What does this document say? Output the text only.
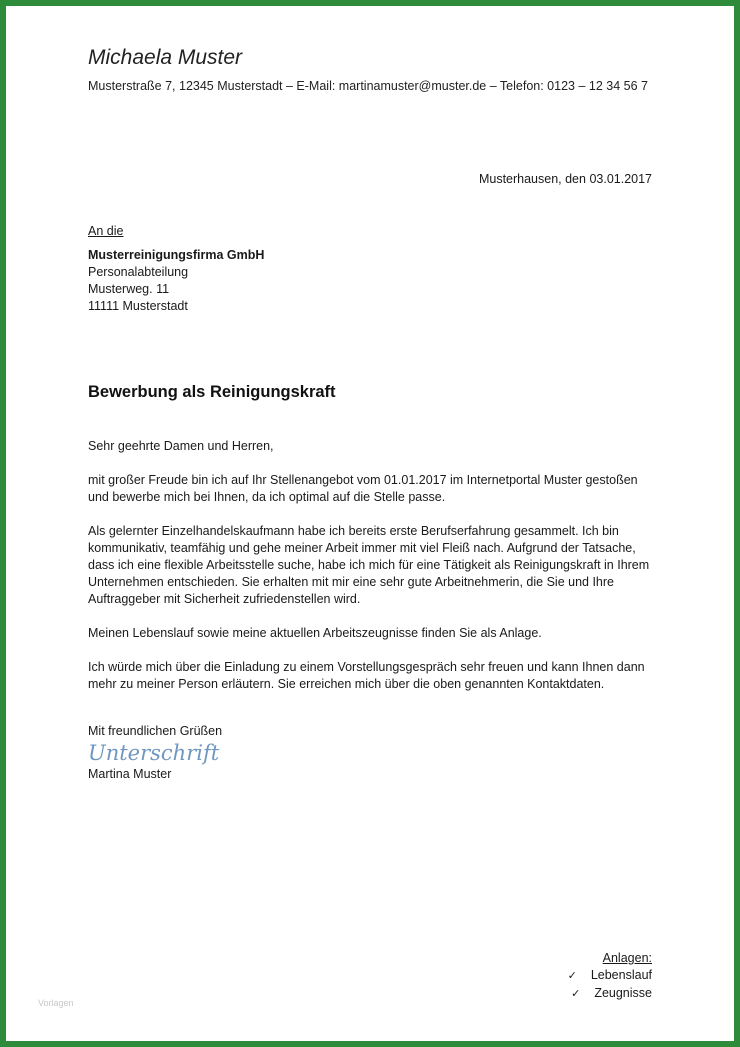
Michaela Muster
Musterstraße 7, 12345 Musterstadt – E-Mail: martinamuster@muster.de – Telefon: 0123 – 12 34 56 7
Musterhausen, den 03.01.2017
An die
Musterreinigungsfirma GmbH
Personalabteilung
Musterweg. 11
11111 Musterstadt
Bewerbung als Reinigungskraft

Sehr geehrte Damen und Herren,

mit großer Freude bin ich auf Ihr Stellenangebot vom 01.01.2017 im Internetportal Muster gestoßen und bewerbe mich bei Ihnen, da ich optimal auf die Stelle passe.

Als gelernter Einzelhandelskaufmann habe ich bereits erste Berufserfahrung gesammelt. Ich bin kommunikativ, teamfähig und gehe meiner Arbeit immer mit viel Fleiß nach. Aufgrund der Tatsache, dass ich eine flexible Arbeitsstelle suche, habe ich mich für eine Tätigkeit als Reinigungskraft in Ihrem Unternehmen entschieden. Sie erhalten mit mir eine sehr gute Arbeitnehmerin, die Sie und Ihre Auftraggeber mit Sicherheit zufriedenstellen wird.

Meinen Lebenslauf sowie meine aktuellen Arbeitszeugnisse finden Sie als Anlage.

Ich würde mich über die Einladung zu einem Vorstellungsgespräch sehr freuen und kann Ihnen dann mehr zu meiner Person erläutern. Sie erreichen mich über die oben genannten Kontaktdaten.

Mit freundlichen Grüßen
Unterschrift
Martina Muster
Anlagen:
✓ Lebenslauf
✓ Zeugnisse
Vorlagen
